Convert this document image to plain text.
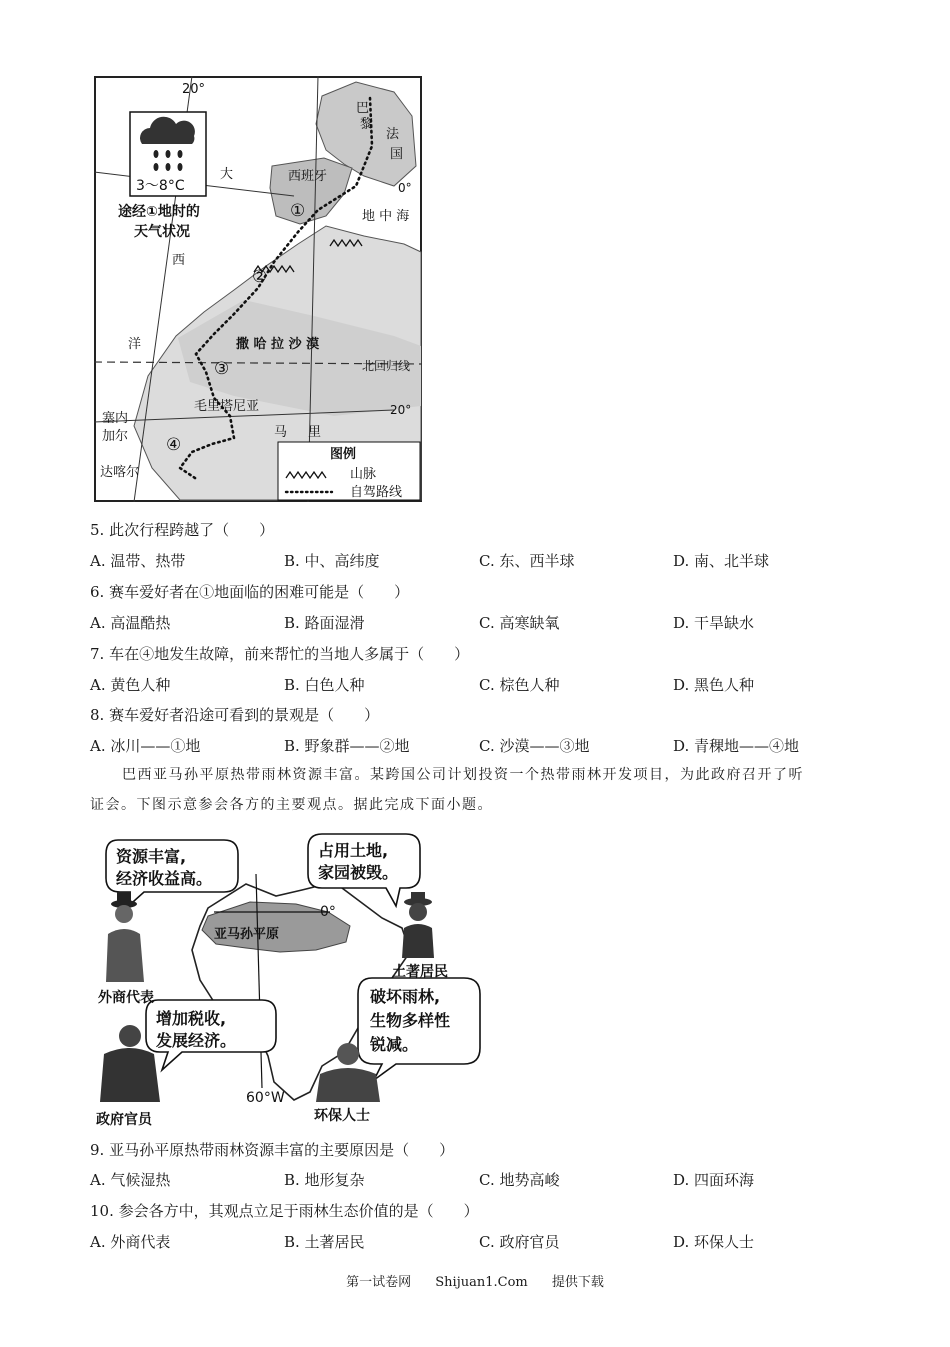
3～8°C
途经①地时的
天气状况
20°
巴
黎
法
国
大
西
洋
西班牙
地 中 海
0°
撒 哈 拉 沙 漠
北回归线
20°
毛里塔尼亚
塞内
加尔
达喀尔
马 里
①
②
③
④	图例
山脉
自驾路线
5. 此次行程跨越了（　　）
A. 温带、热带	B. 中、高纬度	C. 东、西半球	D. 南、北半球
6. 赛车爱好者在①地面临的困难可能是（　　）
A. 高温酷热	B. 路面湿滑	C. 高寒缺氧	D. 干旱缺水
7. 车在④地发生故障，前来帮忙的当地人多属于（　　）
A. 黄色人种	B. 白色人种	C. 棕色人种	D. 黑色人种
8. 赛车爱好者沿途可看到的景观是（　　）
A. 冰川——①地	B. 野象群——②地	C. 沙漠——③地	D. 青稞地——④地

巴西亚马孙平原热带雨林资源丰富。某跨国公司计划投资一个热带雨林开发项目，为此政府召开了听

证会。下图示意参会各方的主要观点。据此完成下面小题。

亚马孙平原
0°
60°W
资源丰富,
经济收益高。
占用土地,
家园被毁。
增加税收,
发展经济。
破坏雨林,
生物多样性
锐减。
外商代表
土著居民
政府官员	环保人士
9. 亚马孙平原热带雨林资源丰富的主要原因是（　　）
A. 气候湿热	B. 地形复杂	C. 地势高峻	D. 四面环海
10. 参会各方中，其观点立足于雨林生态价值的是（　　）
A. 外商代表	B. 土著居民	C. 政府官员	D. 环保人士
第一试卷网 Shijuan1.Com 提供下载
